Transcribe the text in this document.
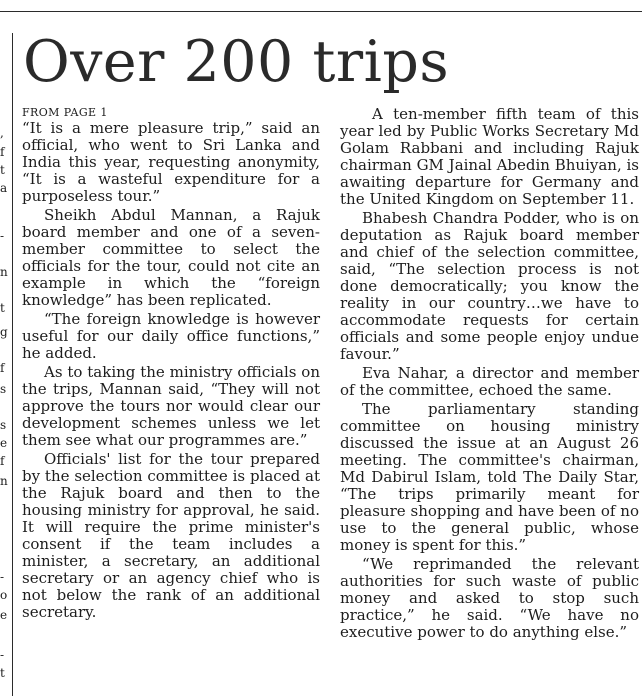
,
f
t
a
-
n
t
g
f
s
s
e
f
n
-
o
e
-
t
Over 200 trips
FROM PAGE 1

“It is a mere pleasure trip,” said an official, who went to Sri Lanka and India this year, requesting anonymity, “It is a wasteful expenditure for a purposeless tour.”

Sheikh Abdul Mannan, a Rajuk board member and one of a seven-member committee to select the officials for the tour, could not cite an example in which the “foreign knowledge” has been replicated.

“The foreign knowledge is however useful for our daily office functions,” he added.

As to taking the ministry officials on the trips, Mannan said, “They will not approve the tours nor would clear our development schemes unless we let them see what our programmes are.”

Officials' list for the tour prepared by the selection committee is placed at the Rajuk board and then to the housing ministry for approval, he said. It will require the prime minister's consent if the team includes a minister, a secretary, an additional secretary or an agency chief who is not below the rank of an additional secretary.

A ten-member fifth team of this year led by Public Works Secretary Md Golam Rabbani and including Rajuk chairman GM Jainal Abedin Bhuiyan, is awaiting departure for Germany and the United Kingdom on September 11.

Bhabesh Chandra Podder, who is on deputation as Rajuk board member and chief of the selection committee, said, “The selection process is not done democratically; you know the reality in our country…we have to accommodate requests for certain officials and some people enjoy undue favour.”

Eva Nahar, a director and member of the committee, echoed the same.

The parliamentary standing committee on housing ministry discussed the issue at an August 26 meeting. The committee's chairman, Md Dabirul Islam, told The Daily Star, “The trips primarily meant for pleasure shopping and have been of no use to the general public, whose money is spent for this.”

“We reprimanded the relevant authorities for such waste of public money and asked to stop such practice,” he said. “We have no executive power to do anything else.”
